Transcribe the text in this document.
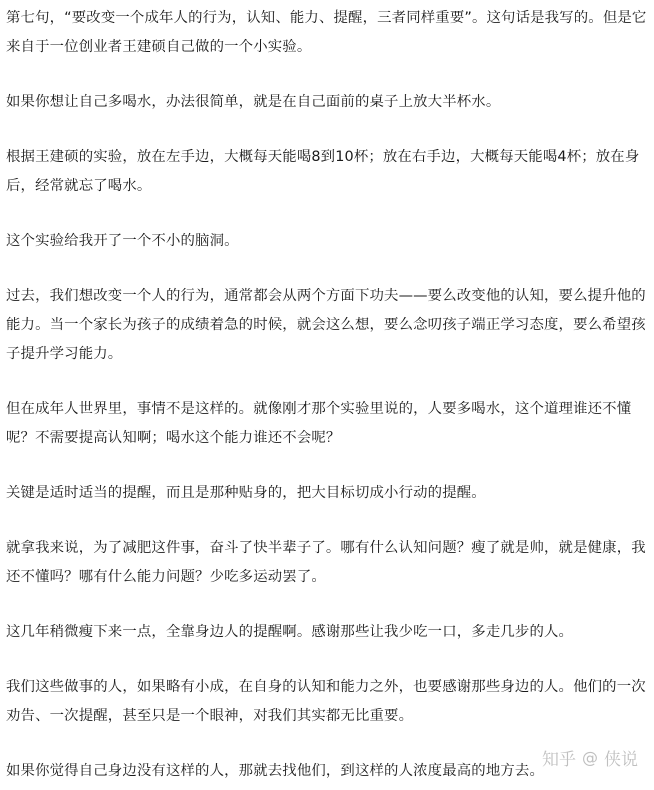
第七句，“要改变一个成年人的行为，认知、能力、提醒，三者同样重要”。这句话是我写的。但是它来自于一位创业者王建硕自己做的一个小实验。

如果你想让自己多喝水，办法很简单，就是在自己面前的桌子上放大半杯水。

根据王建硕的实验，放在左手边，大概每天能喝8到10杯；放在右手边，大概每天能喝4杯；放在身后，经常就忘了喝水。

这个实验给我开了一个不小的脑洞。

过去，我们想改变一个人的行为，通常都会从两个方面下功夫——要么改变他的认知，要么提升他的能力。当一个家长为孩子的成绩着急的时候，就会这么想，要么念叨孩子端正学习态度，要么希望孩子提升学习能力。

但在成年人世界里，事情不是这样的。就像刚才那个实验里说的，人要多喝水，这个道理谁还不懂呢？不需要提高认知啊；喝水这个能力谁还不会呢？

关键是适时适当的提醒，而且是那种贴身的，把大目标切成小行动的提醒。

就拿我来说，为了减肥这件事，奋斗了快半辈子了。哪有什么认知问题？瘦了就是帅，就是健康，我还不懂吗？哪有什么能力问题？少吃多运动罢了。

这几年稍微瘦下来一点，全靠身边人的提醒啊。感谢那些让我少吃一口，多走几步的人。

我们这些做事的人，如果略有小成，在自身的认知和能力之外，也要感谢那些身边的人。他们的一次劝告、一次提醒，甚至只是一个眼神，对我们其实都无比重要。

如果你觉得自己身边没有这样的人，那就去找他们，到这样的人浓度最高的地方去。

知乎 @ 侠说
